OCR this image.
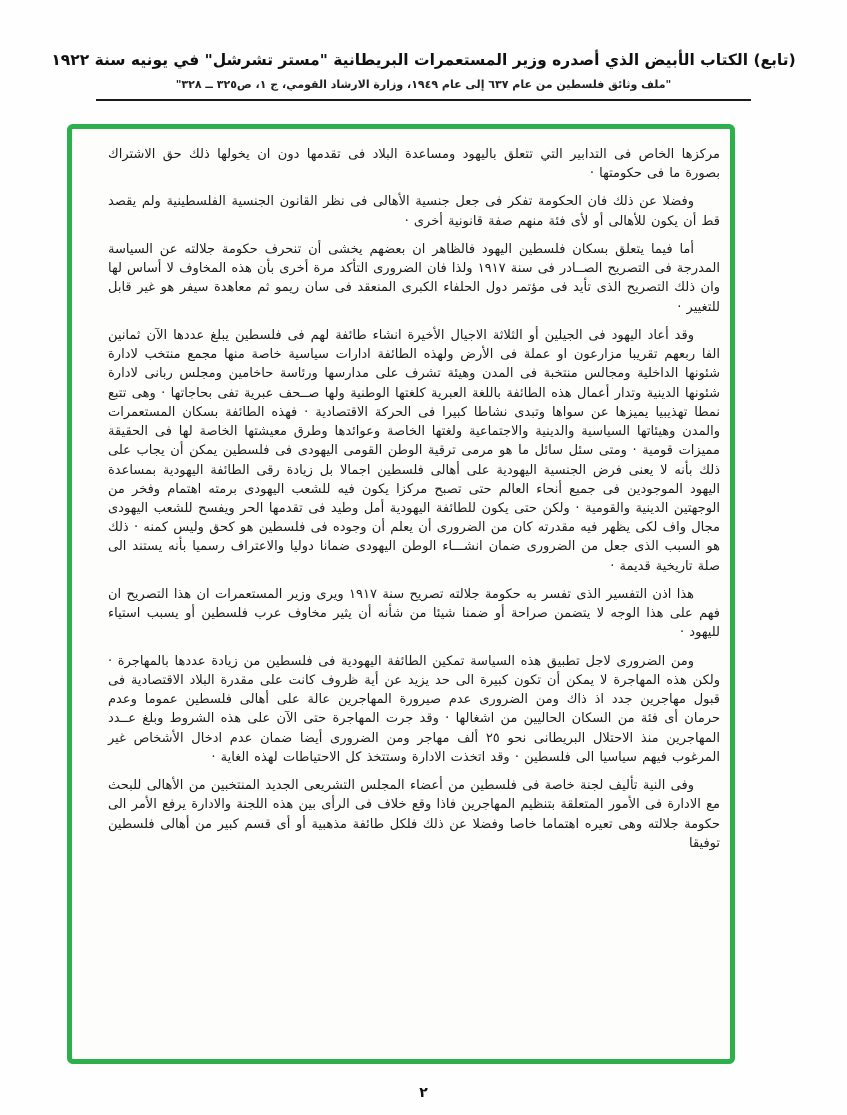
(تابع) الكتاب الأبيض الذي أصدره وزير المستعمرات البريطانية "مستر تشرشل" في يونيه سنة ١٩٢٢
"ملف وثائق فلسطين من عام ٦٣٧ إلى عام ١٩٤٩، وزارة الارشاد القومي، ج ١، ص٣٢٥ ــ ٣٢٨"

مركزها الخاص فى التدابير التي تتعلق باليهود ومساعدة البلاد فى تقدمها دون ان يخولها ذلك حق الاشتراك بصورة ما فى حكومتها ·

وفضلا عن ذلك فان الحكومة تفكر فى جعل جنسية الأهالى فى نظر القانون الجنسية الفلسطينية ولم يقصد قط أن يكون للأهالى أو لأى فئة منهم صفة قانونية أخرى ·

أما فيما يتعلق بسكان فلسطين اليهود فالظاهر ان بعضهم يخشى أن تنحرف حكومة جلالته عن السياسة المدرجة فى التصريح الصــادر فى سنة ١٩١٧ ولذا فان الضرورى التأكد مرة أخرى بأن هذه المخاوف لا أساس لها وان ذلك التصريح الذى تأيد فى مؤتمر دول الحلفاء الكبرى المنعقد فى سان ريمو ثم معاهدة سيفر هو غير قابل للتغيير ·

وقد أعاد اليهود فى الجيلين أو الثلاثة الاجيال الأخيرة انشاء طائفة لهم فى فلسطين يبلغ عددها الآن ثمانين الفا ربعهم تقريبا مزارعون او عملة فى الأرض ولهذه الطائفة ادارات سياسية خاصة منها مجمع منتخب لادارة شئونها الداخلية ومجالس منتخبة فى المدن وهيئة تشرف على مدارسها ورئاسة حاخامين ومجلس ربانى لادارة شئونها الدينية وتدار أعمال هذه الطائفة باللغة العبرية كلغتها الوطنية ولها صــحف عبرية تفى بحاجاتها · وهى تتبع نمطا تهذيبيا يميزها عن سواها وتبدى نشاطا كبيرا فى الحركة الاقتصادية · فهذه الطائفة بسكان المستعمرات والمدن وهيئاتها السياسية والدينية والاجتماعية ولغتها الخاصة وعوائدها وطرق معيشتها الخاصة لها فى الحقيقة مميزات قومية · ومتى سئل سائل ما هو مرمى ترقية الوطن القومى اليهودى فى فلسطين يمكن أن يجاب على ذلك بأنه لا يعنى فرض الجنسية اليهودية على أهالى فلسطين اجمالا بل زيادة رقى الطائفة اليهودية بمساعدة اليهود الموجودين فى جميع أنحاء العالم حتى تصبح مركزا يكون فيه للشعب اليهودى برمته اهتمام وفخر من الوجهتين الدينية والقومية · ولكن حتى يكون للطائفة اليهودية أمل وطيد فى تقدمها الحر ويفسح للشعب اليهودى مجال واف لكى يظهر فيه مقدرته كان من الضرورى أن يعلم أن وجوده فى فلسطين هو كحق وليس كمنه · ذلك هو السبب الذى جعل من الضرورى ضمان انشـــاء الوطن اليهودى ضمانا دوليا والاعتراف رسميا بأنه يستند الى صلة تاريخية قديمة ·

هذا اذن التفسير الذى تفسر به حكومة جلالته تصريح سنة ١٩١٧ ويرى وزير المستعمرات ان هذا التصريح ان فهم على هذا الوجه لا يتضمن صراحة أو ضمنا شيئا من شأنه أن يثير مخاوف عرب فلسطين أو يسبب استياء لليهود ·

ومن الضرورى لاجل تطبيق هذه السياسة تمكين الطائفة اليهودية فى فلسطين من زيادة عددها بالمهاجرة · ولكن هذه المهاجرة لا يمكن أن تكون كبيرة الى حد يزيد عن أية ظروف كانت على مقدرة البلاد الاقتصادية فى قبول مهاجرين جدد اذ ذاك ومن الضرورى عدم صيرورة المهاجرين عالة على أهالى فلسطين عموما وعدم حرمان أى فئة من السكان الحاليين من اشغالها · وقد جرت المهاجرة حتى الآن على هذه الشروط وبلغ عــدد المهاجرين منذ الاحتلال البريطانى نحو ٢٥ ألف مهاجر ومن الضرورى أيضا ضمان عدم ادخال الأشخاص غير المرغوب فيهم سياسيا الى فلسطين · وقد اتخذت الادارة وستتخذ كل الاحتياطات لهذه الغاية ·

وفى النية تأليف لجنة خاصة فى فلسطين من أعضاء المجلس التشريعى الجديد المنتخبين من الأهالى للبحث مع الادارة فى الأمور المتعلقة بتنظيم المهاجرين فاذا وقع خلاف فى الرأى بين هذه اللجنة والادارة يرفع الأمر الى حكومة جلالته وهى تعيره اهتماما خاصا وفضلا عن ذلك فلكل طائفة مذهبية أو أى قسم كبير من أهالى فلسطين توفيقا

٢
